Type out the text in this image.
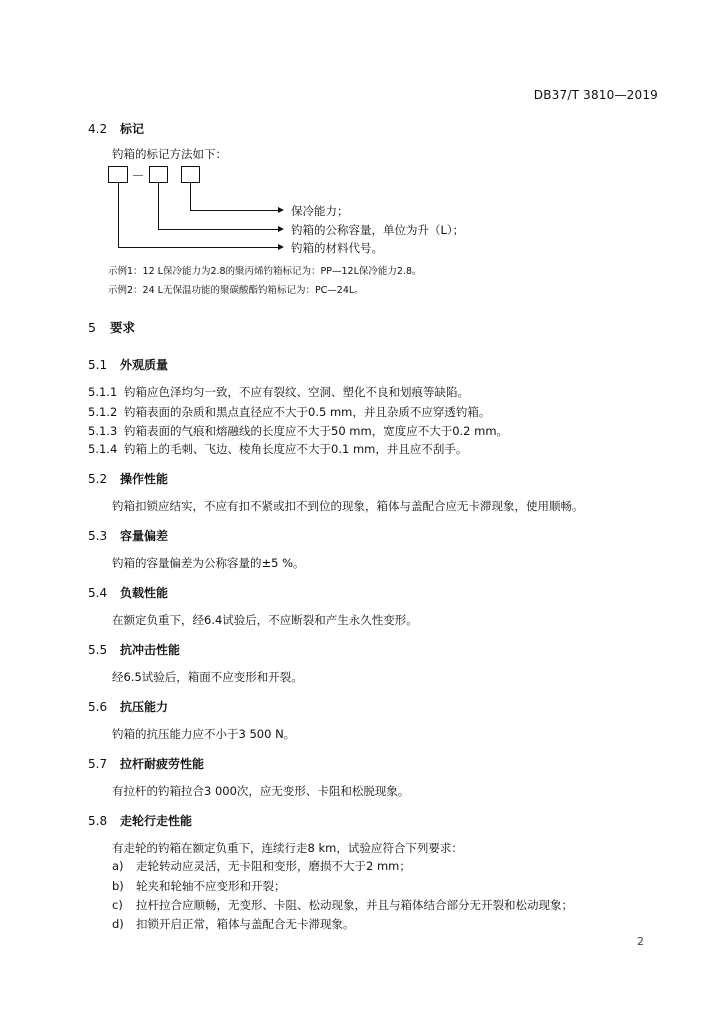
DB37/T 3810—2019
4.2 标记
钓箱的标记方法如下：
保冷能力；
钓箱的公称容量，单位为升（L）；
钓箱的材料代号。
示例1：12 L保冷能力为2.8的聚丙烯钓箱标记为：PP—12L保冷能力2.8。
示例2：24 L无保温功能的聚碳酸酯钓箱标记为：PC—24L。
5 要求
5.1 外观质量
5.1.1 钓箱应色泽均匀一致，不应有裂纹、空洞、塑化不良和划痕等缺陷。
5.1.2 钓箱表面的杂质和黑点直径应不大于0.5 mm，并且杂质不应穿透钓箱。
5.1.3 钓箱表面的气痕和熔融线的长度应不大于50 mm，宽度应不大于0.2 mm。
5.1.4 钓箱上的毛刺、飞边、棱角长度应不大于0.1 mm，并且应不刮手。
5.2 操作性能
钓箱扣锁应结实，不应有扣不紧或扣不到位的现象，箱体与盖配合应无卡滞现象，使用顺畅。
5.3 容量偏差
钓箱的容量偏差为公称容量的±5 %。
5.4 负载性能
在额定负重下，经6.4试验后，不应断裂和产生永久性变形。
5.5 抗冲击性能
经6.5试验后，箱面不应变形和开裂。
5.6 抗压能力
钓箱的抗压能力应不小于3 500 N。
5.7 拉杆耐疲劳性能
有拉杆的钓箱拉合3 000次，应无变形、卡阻和松脱现象。
5.8 走轮行走性能
有走轮的钓箱在额定负重下，连续行走8 km，试验应符合下列要求：
a) 走轮转动应灵活，无卡阻和变形，磨损不大于2 mm；
b) 轮夹和轮轴不应变形和开裂；
c) 拉杆拉合应顺畅，无变形、卡阻、松动现象，并且与箱体结合部分无开裂和松动现象；
d) 扣锁开启正常，箱体与盖配合无卡滞现象。
2
